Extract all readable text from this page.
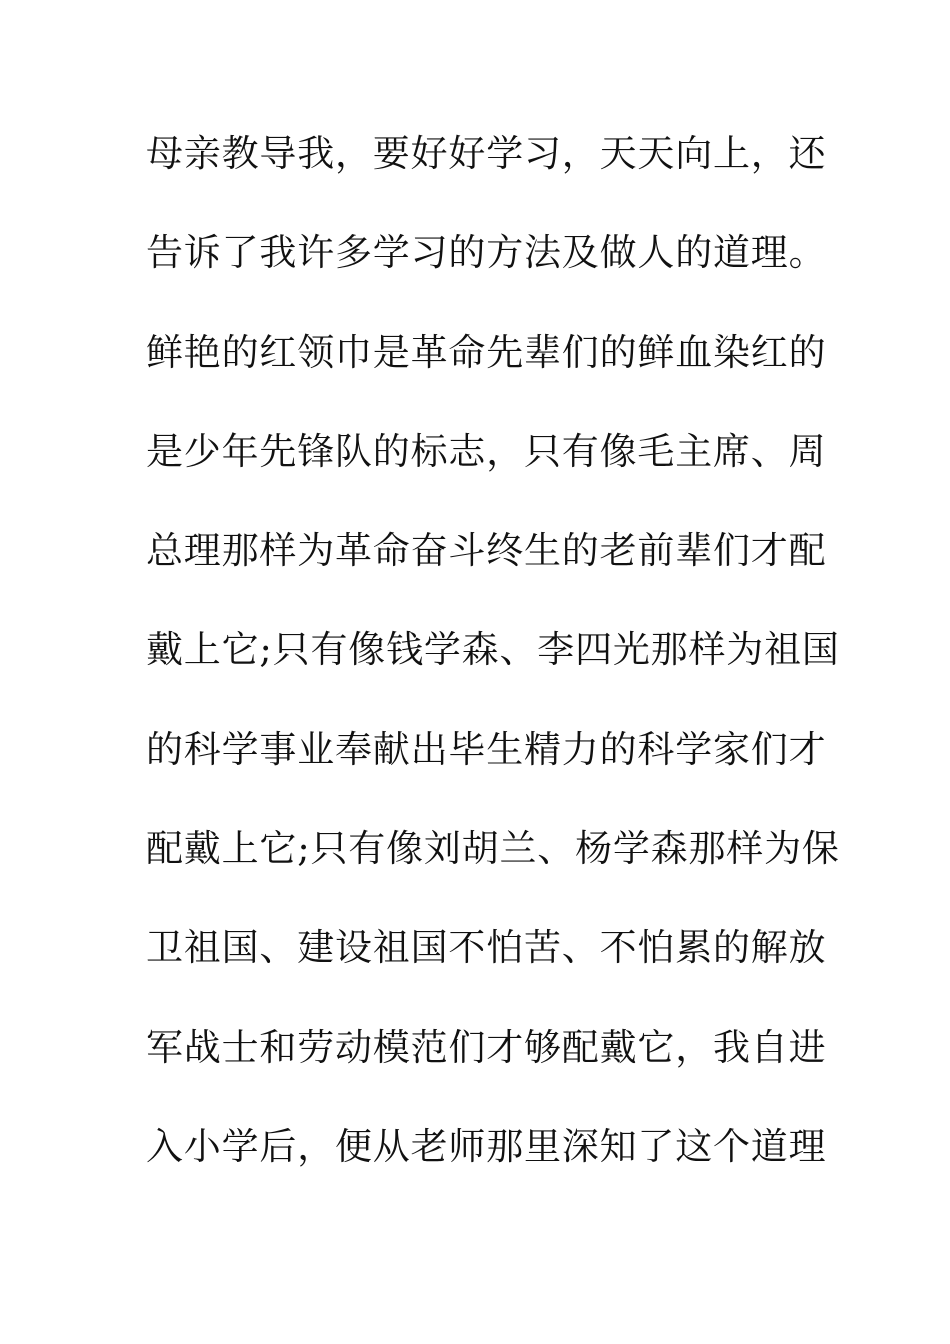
母亲教导我，要好好学习，天天向上，还
告诉了我许多学习的方法及做人的道理。
鲜艳的红领巾是革命先辈们的鲜血染红的
是少年先锋队的标志，只有像毛主席、周
总理那样为革命奋斗终生的老前辈们才配
戴上它;只有像钱学森、李四光那样为祖国
的科学事业奉献出毕生精力的科学家们才
配戴上它;只有像刘胡兰、杨学森那样为保
卫祖国、建设祖国不怕苦、不怕累的解放
军战士和劳动模范们才够配戴它，我自进
入小学后，便从老师那里深知了这个道理
